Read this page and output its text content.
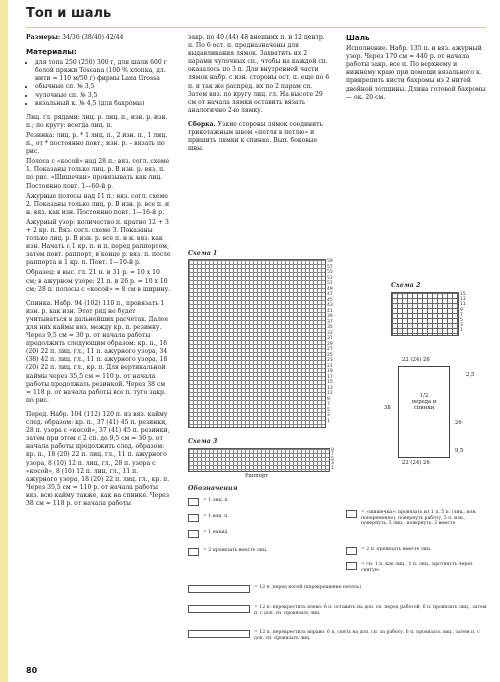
Топ и шаль

Размеры: 34/36 (38/40) 42/44

Материалы:
• для топа 250 (250) 300 г, для шали 600 г белой пряжи Toscana (100 % хлопка, дл. нити = 110 м/50 г) фирмы Lana Grossa
• обычные сп. № 3,5
• чулочные сп. № 3,5
• вязальный к. № 4,5 (для бахромы)

Лиц. гл. рядами: лиц. р. лиц. п., изн. р. изн. п.; по кругу: всегда лиц. п.

Резинка: лиц. р. * 1 лиц. п., 2 изн. п., 1 лиц. п., от * постоянно повт.; изн. р. – вязать по рис.

Полоса с «косой» над 28 п.: вяз. согл. схеме 1. Показаны только лиц. р. В изн. р. вяз. п. по рис. «Шишечки» провязывать как лиц. Постоянно повт. 1—60-й р.

Ажурные полосы над 11 п.: вяз. согл. схеме 2. Показаны только лиц. р. В изн. р. все п. и н. вяз. как изн. Постоянно повт. 1—16-й р.

Ажурный узор: количество п. кратно 12 + 3 + 2 кр. п. Вяз. согл. схеме 3. Показаны только лиц. р. В изн. р. все п. и н. вяз. как изн. Начать с 1 кр. п. и п. перед раппортом, затем повт. раппорт, в конце р. вяз. п. после раппорта и 1 кр. п. Повт. 1—10-й р.

Образец: в выс. гл. 21 п. и 31 р. = 10 х 10 см; в ажурном узоре: 21 п. и 26 р. = 10 х 10 см; 28 п. полосы с «косой» = 8 см в ширину.

Спинка. Набр. 94 (102) 110 п., провязать 1 изн. р. как изн. Этот ряд не будет учитываться в дальнейших расчетах. Далее для них каймы вяз. между кр. п. резинку. Через 9,5 см = 30 р. от начала работы продолжить следующим образом: кр. п., 18 (20) 22 п. лиц. гл., 11 п. ажурного узора, 34 (38) 42 п. лиц. гл., 11 п. ажурного узора, 18 (20) 22 п. лиц. гл., кр. п. Для вертикальной каймы через 35,5 см = 110 р. от начала работы продолжать резинкой. Через 38 см = 118 р. от начала работы все п. туго закр. по рис.

Перед. Набр. 104 (112) 120 п. из вяз. кайму след. образом: кр. п., 37 (41) 45 п. резинки, 28 п. узора с «косой», 37 (41) 45 п. резинки, затем при этом с 2 сп. до 9,5 см = 30 р. от начала работы продолжить след. образом: кр. п., 18 (20) 22 п. лиц. гл., 11 п. ажурного узора, 8 (10) 12 п. лиц. гл., 28 п. узора с «косой», 8 (10) 12 п. лиц. гл., 11 п. ажурного узора, 18 (20) 22 п. лиц. гл., кр. п. Через 35,5 см = 110 р. от начала работы вяз. всю кайму также, как на спинке. Через 38 см = 118 р. от начала работы

закр. по 40 (44) 48 внешних п. и 12 центр. п. По 6 ост. п. предназначены для выдавливания лямок. Захватить их 2 парами чулочных сп., чтобы на каждой сп. оказалось по 3 п. Для внутренней части лямок набр. с изн. стороны ост. п. еще по 6 п. и так же распред. их по 2 парам сп. Затем вяз. по кругу лиц. гл. На высоте 29 см от начала лямки оставить вязать аналогично 2-ю лямку.

Сборка. Узкие стороны лямок соединить трикотажным швом «петля в петлю» и пришить лямки к спинке. Вып. боковые швы.

Шаль

Исполнение. Набр. 135 п. и вяз. ажурный узор. Через 170 см = 440 р. от начала работы закр. все п. По верхнему и нижнему краю при помощи вязального к. прикрепить кисти бахромы из 2 нитей двойной толщины. Длина готовой бахромы — ок. 20 см.

Схема 1
59
57
55
53
51
49
47
45
43
41
39
37
35
33
31
29
27
25
23
21
19
17
15
13
11
9
7
5
3
1
Схема 2
15
13
11
9
7
5
3
1
22 (24) 26
2,5
38
26
1/2
переда и
спинки
9,5
22 (24) 26
Схема 3
9
7
5
3
1
Раппорт
Обозначения
= 1 лиц. п.
= 1 изн. п.
= 1 накид
= 2 провязать вместе лиц.
= 12 п. перед косой (перекрещение петель)
= 12 п. перекрестить влево: 6 п. оставить на доп. сп. перед работой, 6 п. провязать лиц., затем п. с доп. сп. провязать лиц.
= 12 п. перекрестить вправо: 6 п. снять на доп. сп. за работу, 6 п. провязать лиц., затем п. с доп. сп. провязать лиц.
= «шишечка»: провязать из 1 п. 5 п. (лиц., изн. попеременно), повернуть работу, 5 п. изн., повернуть, 5 лиц., повернуть, 2 вместе
= 2 п. провязать вместе лиц.
= сн. 1 п. как лиц., 1 п. лиц., протянуть через снятую
80
